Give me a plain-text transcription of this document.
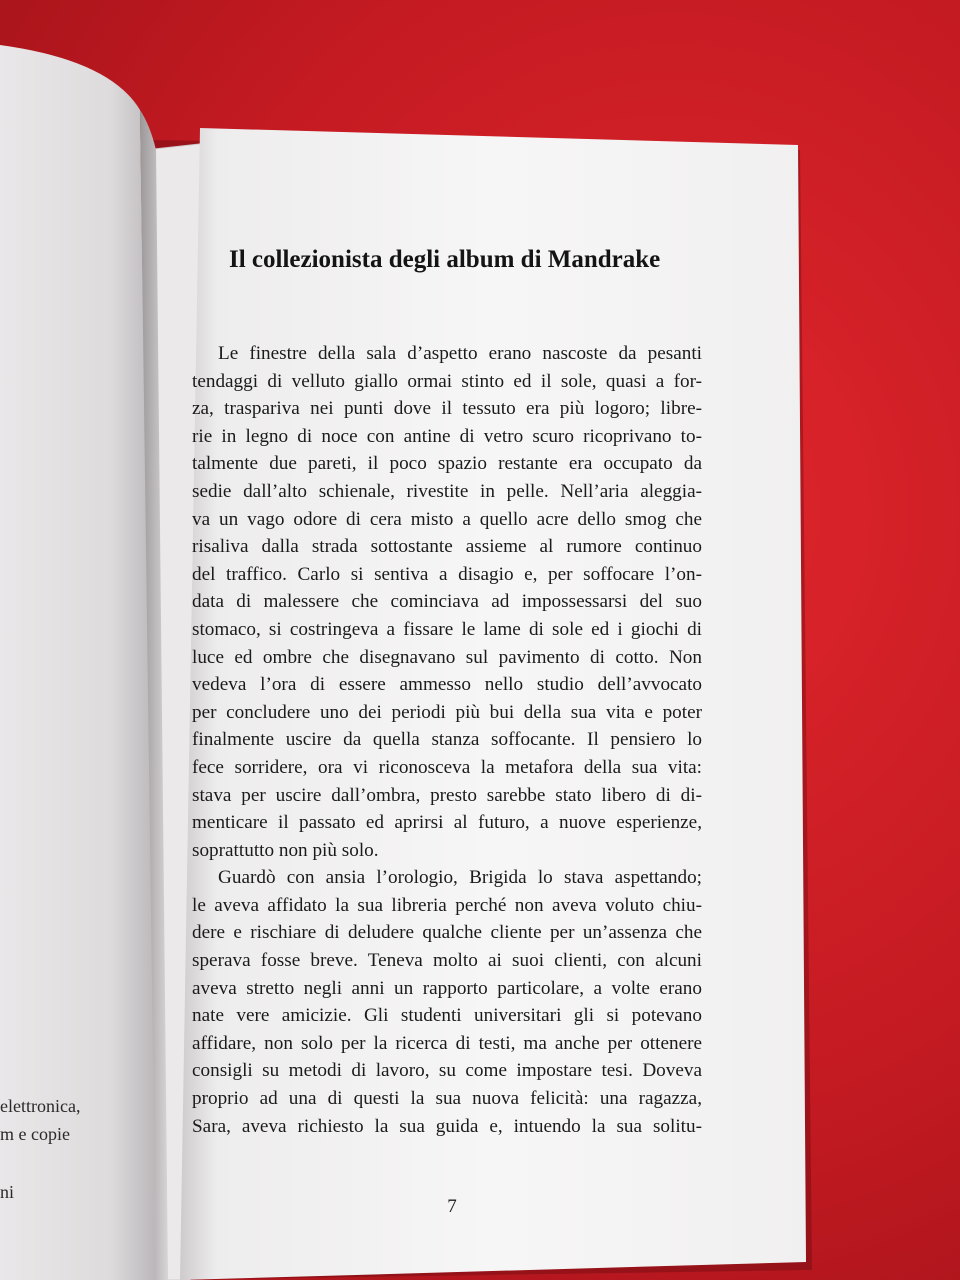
Il collezionista degli album di Mandrake
Le finestre della sala d’aspetto erano nascoste da pesanti
tendaggi di velluto giallo ormai stinto ed il sole, quasi a for-
za, traspariva nei punti dove il tessuto era più logoro; libre-
rie in legno di noce con antine di vetro scuro ricoprivano to-
talmente due pareti, il poco spazio restante era occupato da
sedie dall’alto schienale, rivestite in pelle. Nell’aria aleggia-
va un vago odore di cera misto a quello acre dello smog che
risaliva dalla strada sottostante assieme al rumore continuo
del traffico. Carlo si sentiva a disagio e, per soffocare l’on-
data di malessere che cominciava ad impossessarsi del suo
stomaco, si costringeva a fissare le lame di sole ed i giochi di
luce ed ombre che disegnavano sul pavimento di cotto. Non
vedeva l’ora di essere ammesso nello studio dell’avvocato
per concludere uno dei periodi più bui della sua vita e poter
finalmente uscire da quella stanza soffocante. Il pensiero lo
fece sorridere, ora vi riconosceva la metafora della sua vita:
stava per uscire dall’ombra, presto sarebbe stato libero di di-
menticare il passato ed aprirsi al futuro, a nuove esperienze,
soprattutto non più solo.
Guardò con ansia l’orologio, Brigida lo stava aspettando;
le aveva affidato la sua libreria perché non aveva voluto chiu-
dere e rischiare di deludere qualche cliente per un’assenza che
sperava fosse breve. Teneva molto ai suoi clienti, con alcuni
aveva stretto negli anni un rapporto particolare, a volte erano
nate vere amicizie. Gli studenti universitari gli si potevano
affidare, non solo per la ricerca di testi, ma anche per ottenere
consigli su metodi di lavoro, su come impostare tesi. Doveva
proprio ad una di questi la sua nuova felicità: una ragazza,
Sara, aveva richiesto la sua guida e, intuendo la sua solitu-
7
elettronica,
m e copie
ni
